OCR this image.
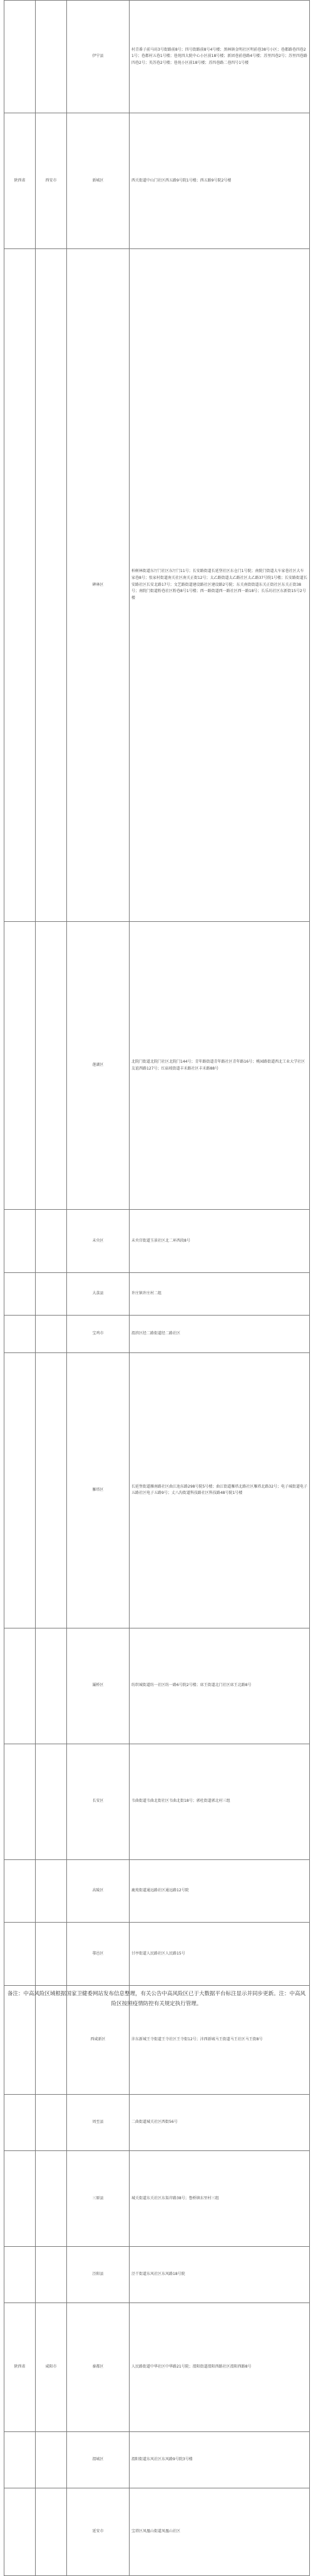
		伊宁县	村青番子前马坊3号街路前8号；四号街路前8号4号楼；黑林镇金明社区明前巷38号小区；巷都路巷四巷21号；巷都村五巷1号楼；巷苑四大院中心小区前18号楼；新团巷前巷路4号楼；苏里四巷2号；苏里四巷路四巷2号；英苏巷2号楼；巷苑小区前18号楼；苏四巷路二巷四号1号楼	
陕西省	西安市	新城区	西关街道中山门社区西五路9号院1号楼；西五路9号院2号楼	
		碑林区	柏树林街道东厅门社区东厅门11号；长安路街道长延堡社区东仓门1号院；南院门街道大车家巷社区大车家巷8号；张家村街道南关社区南关正街12号；太乙路街道太乙路社区太乙路37号院1号楼；长安路街道长安路社区长安北路17号；文艺路街道建设路社区建设路2号院；东关南街街道东关正街社区东关正街38号；南院门街道粉巷社区粉巷8号1号楼；西一路街道西一路社区西一路18号；长乐坊社区东新街15号2号楼	
		莲湖区	北院门街道北院门社区北院门144号；青年路街道青年路社区青年路16号；桃园路街道西北工业大学社区友谊西路127号；红庙坡街道丰禾路社区丰禾路88号	
		未央区	未央宫街道玉景社区北二环西段8号	
		大荔县	许庄镇许庄村二组	
		宝鸡市	渭滨区经二路街道经二路社区	
		雁塔区	长延堡街道雁南路社区曲江池东路298号院5号楼；曲江街道雁塔北路社区雁塔北路32号；电子城街道电子五路社区电子五路9号；丈八沟街道科技路社区科技路48号院1号楼	
		灞桥区	纺织城街道纺一社区纺一路6号院2号楼；席王街道北门社区席王北路8号	
		长安区	韦曲街道韦曲北街社区韦曲北街18号；郭杜街道郭北村三组	
		高陵区	鹿苑街道通远路社区通远路12号院	
		鄠邑区	甘亭街道人民路社区人民路15号	
		西咸新区	沣东新城王寺街道王寺社区王寺街12号；沣西新城马王街道马王社区马王街8号	
		周至县	二曲街道城关社区西街56号	
		三原县	城关街道东关社区东渠岸路38号；鲁桥镇东里村三组	
		泾阳县	泾干街道东风社区东风路18号院	
陕西省	咸阳市	秦都区	人民路街道中华社区中华路21号院；渭阳街道渭阳西路社区渭阳西路8号	
		渭城区	渭阳街道东风社区东风路9号院3号楼	
		延安市	宝塔区凤凰山街道凤凰山社区	
备注：中高风险区域根据国家卫健委网站发布信息整理，有关公告中高风险区已于大数据平台标注显示并同步更新。注：中高风险区按照疫情防控有关规定执行管理。
